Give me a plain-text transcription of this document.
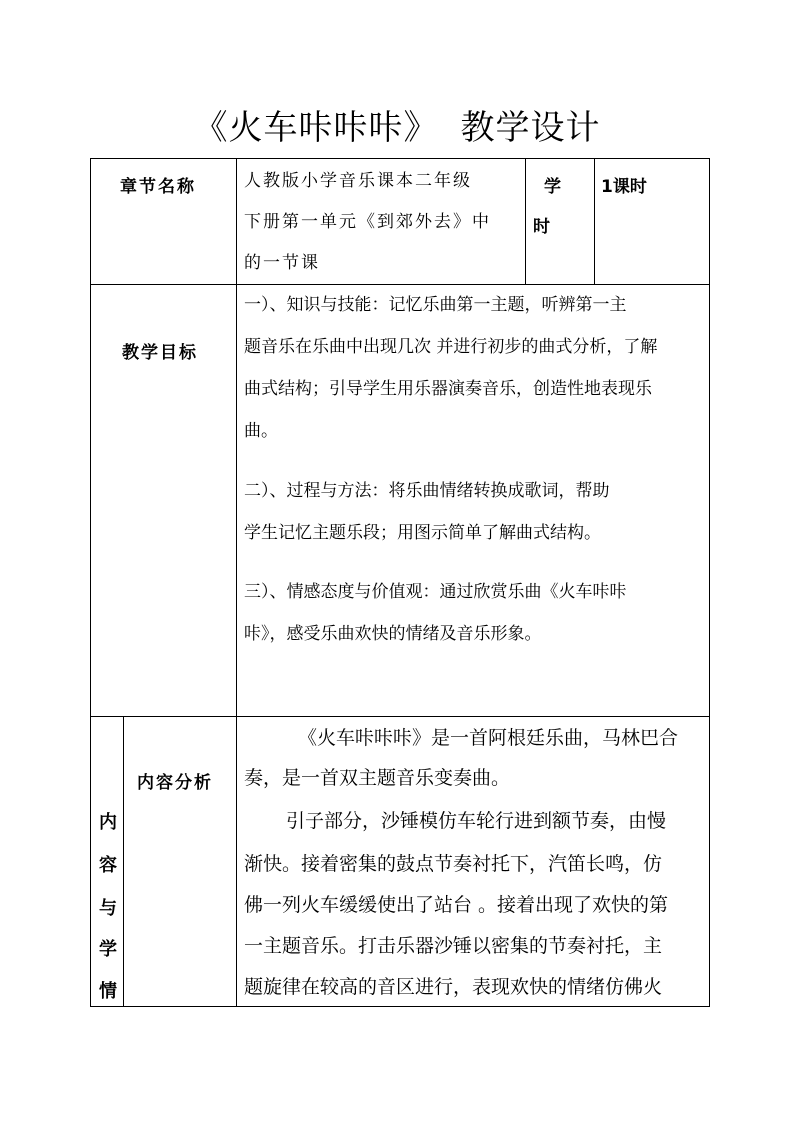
《火车咔咔咔》 教学设计
章节名称	人教版小学音乐课本二年级
下册第一单元《到郊外去》中
的一节课
学
时
1课时
教学目标
一）、知识与技能：记忆乐曲第一主题，听辨第一主
题音乐在乐曲中出现几次 并进行初步的曲式分析，了解
曲式结构；引导学生用乐器演奏音乐，创造性地表现乐
曲。
二）、过程与方法：将乐曲情绪转换成歌词，帮助
学生记忆主题乐段；用图示简单了解曲式结构。
三）、情感态度与价值观：通过欣赏乐曲《火车咔咔
咔》，感受乐曲欢快的情绪及音乐形象。
内
容
与
学
情
内容分析
《火车咔咔咔》是一首阿根廷乐曲，马林巴合
奏，是一首双主题音乐变奏曲。
引子部分，沙锤模仿车轮行进到额节奏，由慢
渐快。接着密集的鼓点节奏衬托下，汽笛长鸣，仿
佛一列火车缓缓使出了站台 。接着出现了欢快的第
一主题音乐。打击乐器沙锤以密集的节奏衬托，主
题旋律在较高的音区进行，表现欢快的情绪仿佛火
